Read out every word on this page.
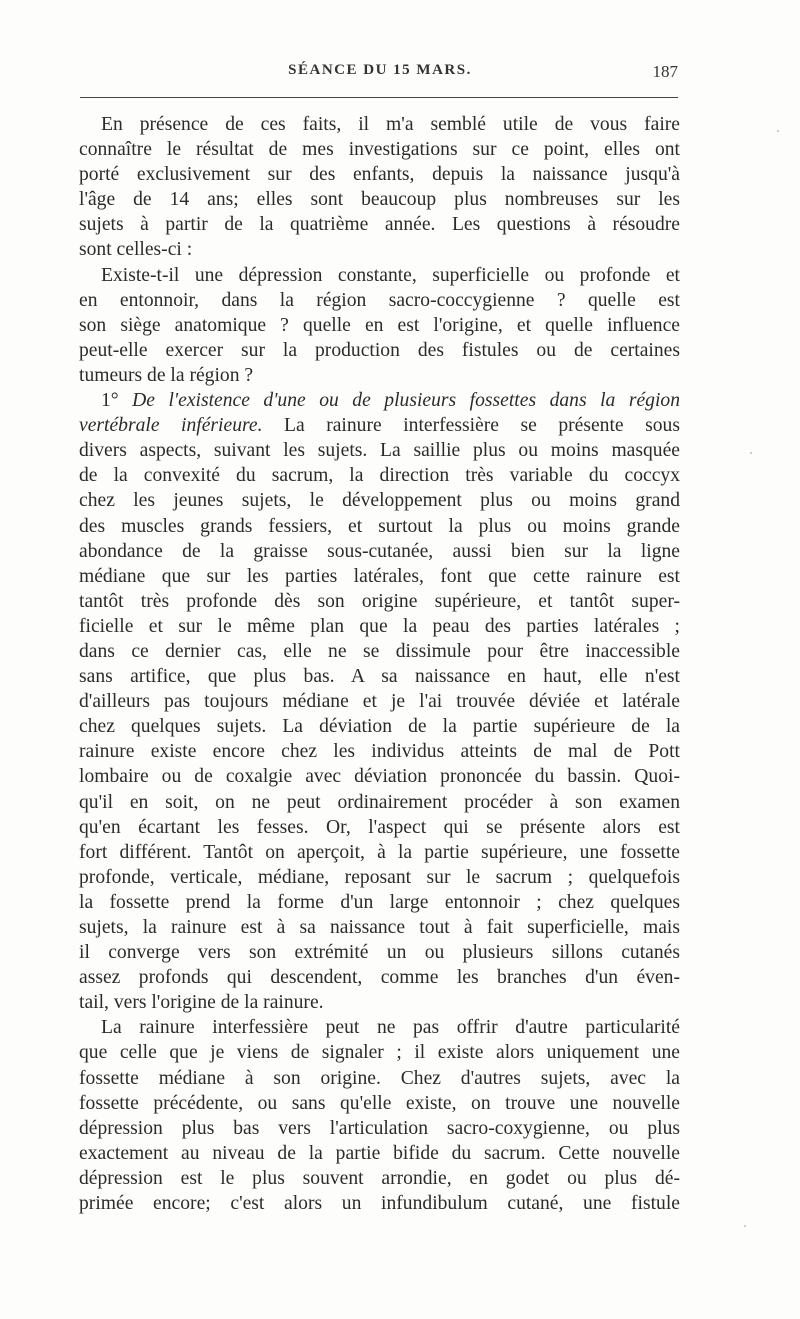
SÉANCE DU 15 MARS.	187
En présence de ces faits, il m'a semblé utile de vous faire
connaître le résultat de mes investigations sur ce point, elles ont
porté exclusivement sur des enfants, depuis la naissance jusqu'à
l'âge de 14 ans; elles sont beaucoup plus nombreuses sur les
sujets à partir de la quatrième année. Les questions à résoudre
sont celles-ci :
Existe-t-il une dépression constante, superficielle ou profonde et
en entonnoir, dans la région sacro-coccygienne ? quelle est
son siège anatomique ? quelle en est l'origine, et quelle influence
peut-elle exercer sur la production des fistules ou de certaines
tumeurs de la région ?
1° De l'existence d'une ou de plusieurs fossettes dans la région
vertébrale inférieure. La rainure interfessière se présente sous
divers aspects, suivant les sujets. La saillie plus ou moins masquée
de la convexité du sacrum, la direction très variable du coccyx
chez les jeunes sujets, le développement plus ou moins grand
des muscles grands fessiers, et surtout la plus ou moins grande
abondance de la graisse sous-cutanée, aussi bien sur la ligne
médiane que sur les parties latérales, font que cette rainure est
tantôt très profonde dès son origine supérieure, et tantôt super-
ficielle et sur le même plan que la peau des parties latérales ;
dans ce dernier cas, elle ne se dissimule pour être inaccessible
sans artifice, que plus bas. A sa naissance en haut, elle n'est
d'ailleurs pas toujours médiane et je l'ai trouvée déviée et latérale
chez quelques sujets. La déviation de la partie supérieure de la
rainure existe encore chez les individus atteints de mal de Pott
lombaire ou de coxalgie avec déviation prononcée du bassin. Quoi-
qu'il en soit, on ne peut ordinairement procéder à son examen
qu'en écartant les fesses. Or, l'aspect qui se présente alors est
fort différent. Tantôt on aperçoit, à la partie supérieure, une fossette
profonde, verticale, médiane, reposant sur le sacrum ; quelquefois
la fossette prend la forme d'un large entonnoir ; chez quelques
sujets, la rainure est à sa naissance tout à fait superficielle, mais
il converge vers son extrémité un ou plusieurs sillons cutanés
assez profonds qui descendent, comme les branches d'un éven-
tail, vers l'origine de la rainure.
La rainure interfessière peut ne pas offrir d'autre particularité
que celle que je viens de signaler ; il existe alors uniquement une
fossette médiane à son origine. Chez d'autres sujets, avec la
fossette précédente, ou sans qu'elle existe, on trouve une nouvelle
dépression plus bas vers l'articulation sacro-coxygienne, ou plus
exactement au niveau de la partie bifide du sacrum. Cette nouvelle
dépression est le plus souvent arrondie, en godet ou plus dé-
primée encore; c'est alors un infundibulum cutané, une fistule
